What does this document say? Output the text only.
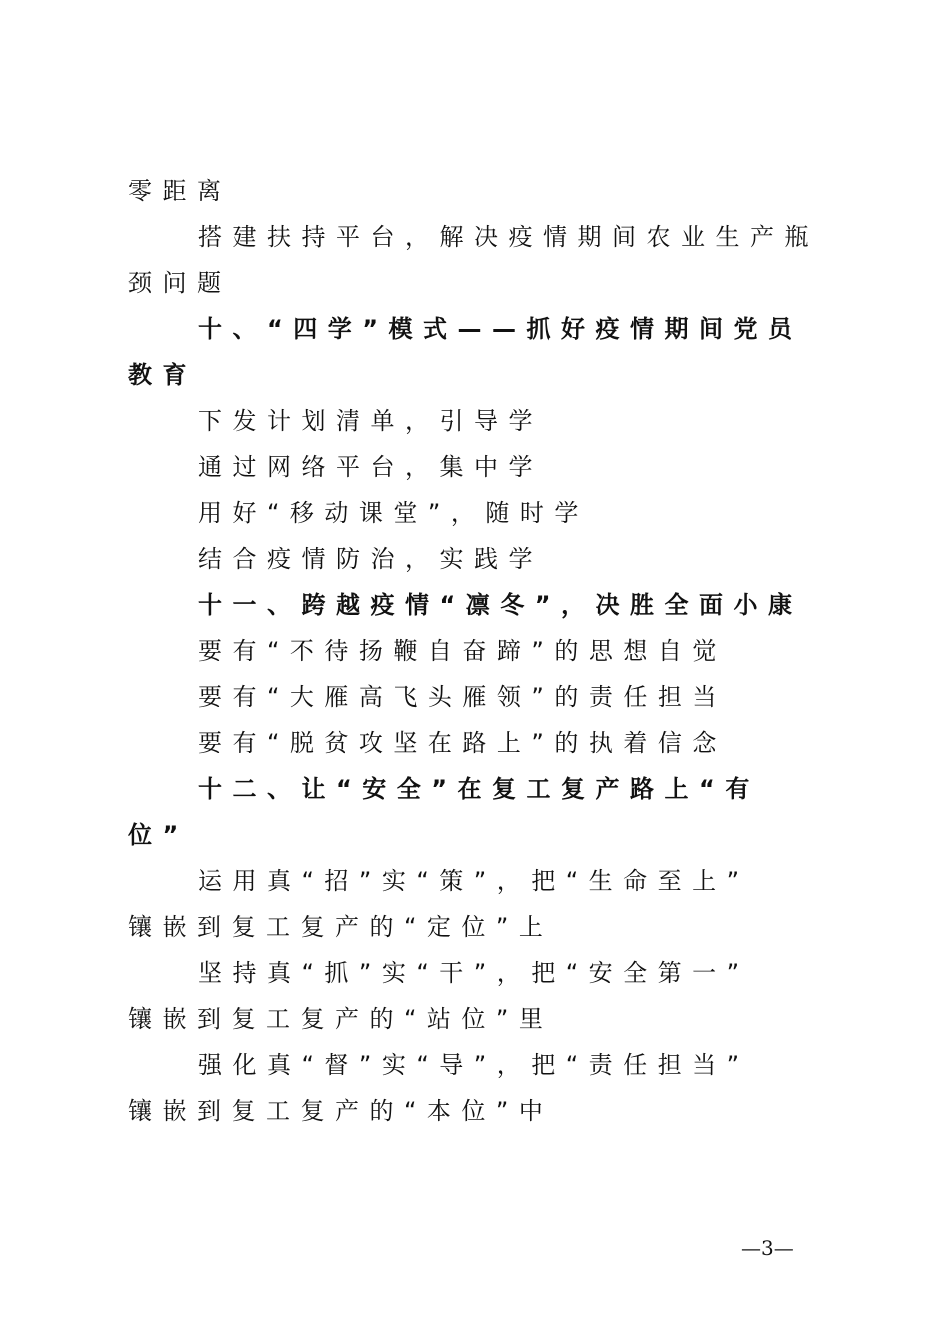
零距离
搭建扶持平台，解决疫情期间农业生产瓶
颈问题
十、“四学”模式——抓好疫情期间党员
教育
下发计划清单，引导学
通过网络平台，集中学
用好“移动课堂”，随时学
结合疫情防治，实践学
十一、跨越疫情“凛冬”，决胜全面小康
要有“不待扬鞭自奋蹄”的思想自觉
要有“大雁高飞头雁领”的责任担当
要有“脱贫攻坚在路上”的执着信念
十二、让“安全”在复工复产路上“有
位”
运用真“招”实“策”，把“生命至上”
镶嵌到复工复产的“定位”上
坚持真“抓”实“干”，把“安全第一”
镶嵌到复工复产的“站位”里
强化真“督”实“导”，把“责任担当”
镶嵌到复工复产的“本位”中
—3—
